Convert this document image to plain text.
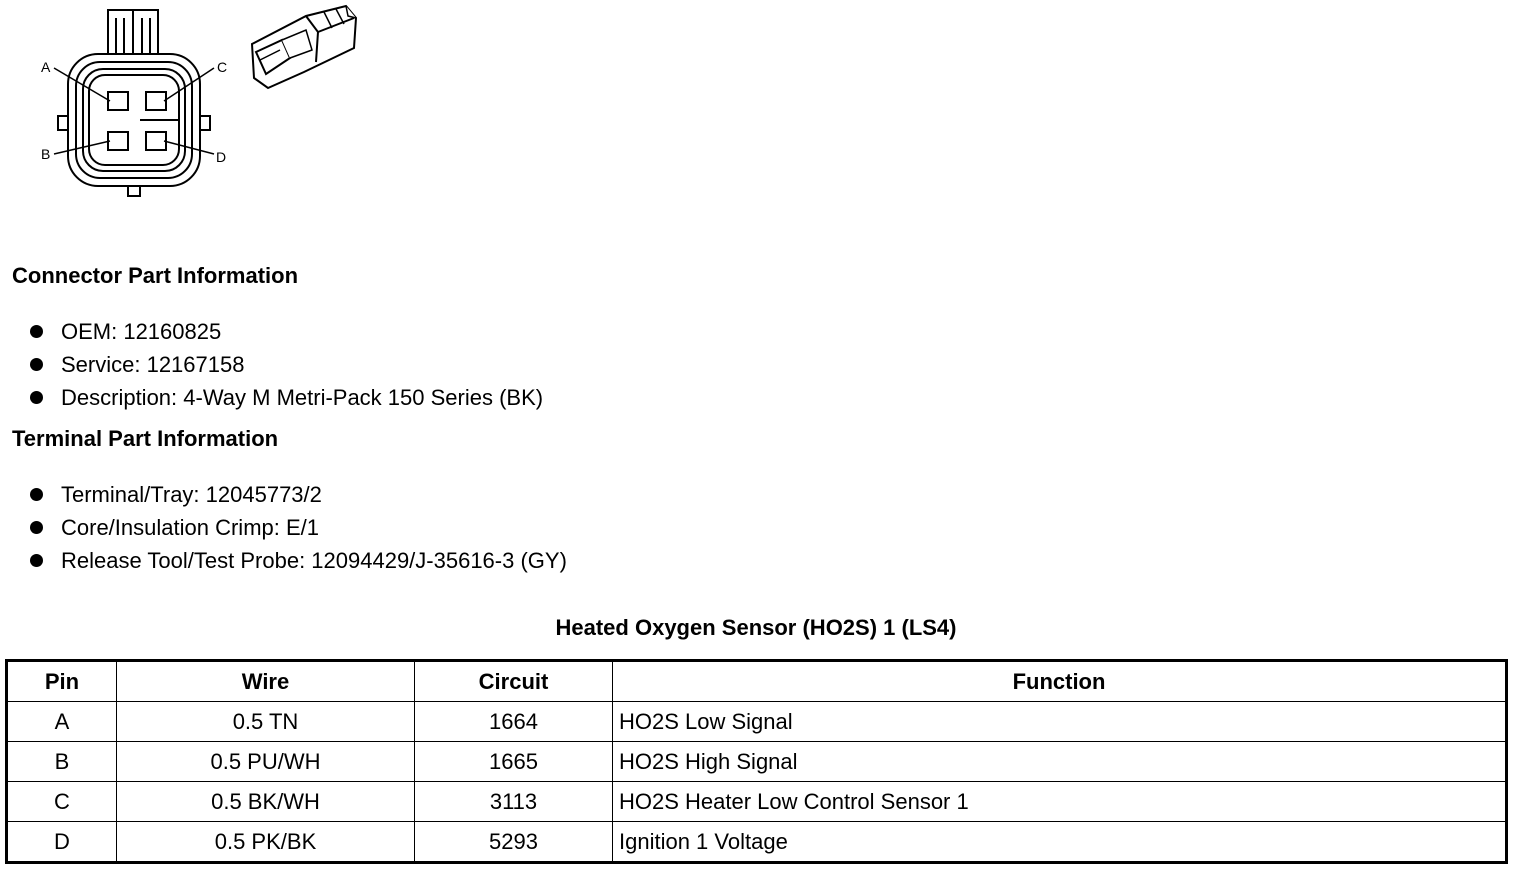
A
B
C
D
Connector Part Information
OEM: 12160825
Service: 12167158
Description: 4-Way M Metri-Pack 150 Series (BK)
Terminal Part Information
Terminal/Tray: 12045773/2
Core/Insulation Crimp: E/1
Release Tool/Test Probe: 12094429/J-35616-3 (GY)
Heated Oxygen Sensor (HO2S) 1 (LS4)
Pin	Wire	Circuit	Function
A	0.5 TN	1664	HO2S Low Signal
B	0.5 PU/WH	1665	HO2S High Signal
C	0.5 BK/WH	3113	HO2S Heater Low Control Sensor 1
D	0.5 PK/BK	5293	Ignition 1 Voltage
